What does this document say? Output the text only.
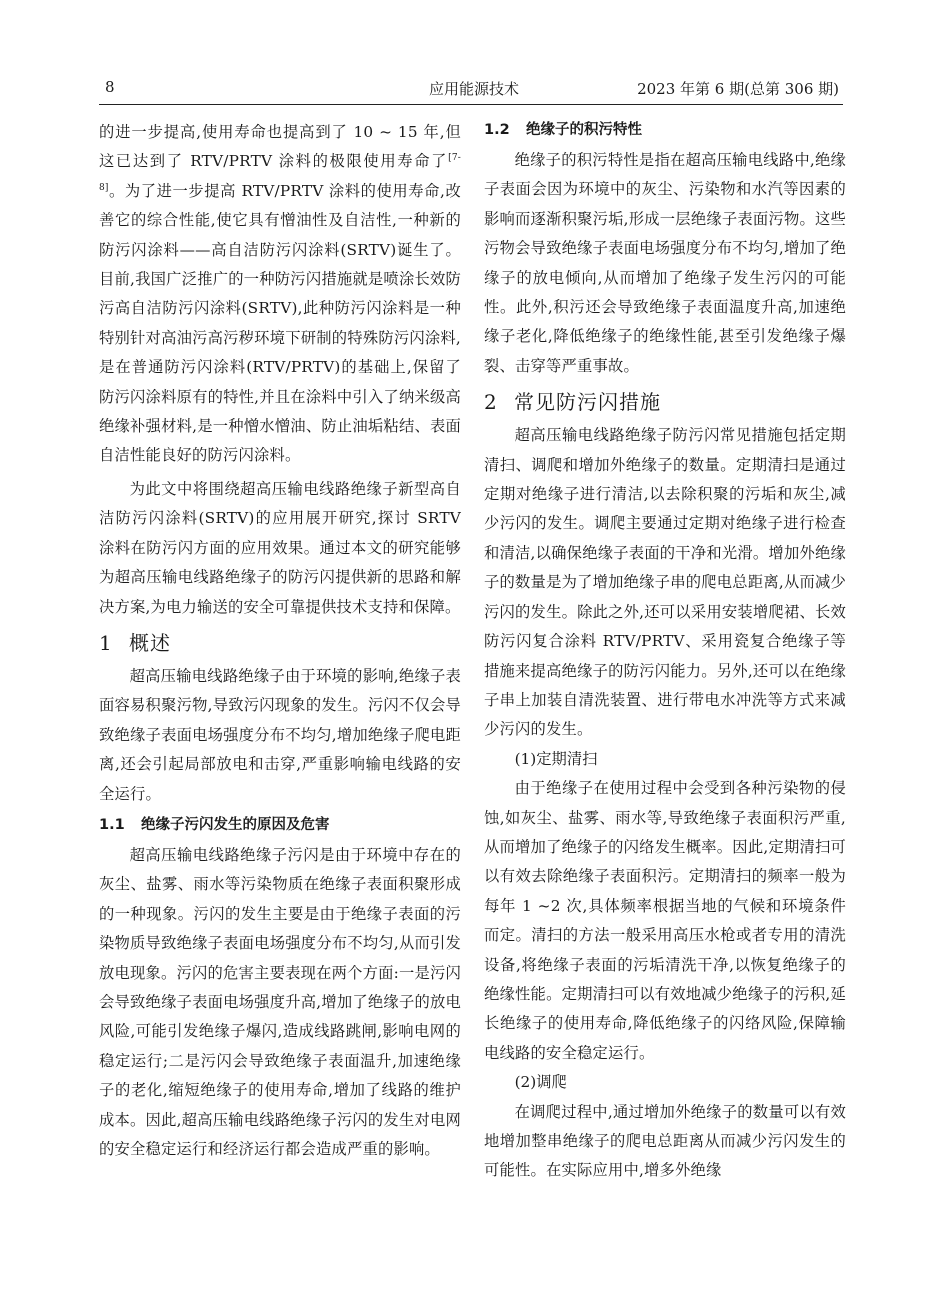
8	应用能源技术	2023 年第 6 期(总第 306 期)

的进一步提高,使用寿命也提高到了 10 ~ 15 年,但这已达到了 RTV/PRTV 涂料的极限使用寿命了[7-8]。为了进一步提高 RTV/PRTV 涂料的使用寿命,改善它的综合性能,使它具有憎油性及自洁性,一种新的防污闪涂料——高自洁防污闪涂料(SRTV)诞生了。目前,我国广泛推广的一种防污闪措施就是喷涂长效防污高自洁防污闪涂料(SRTV),此种防污闪涂料是一种特别针对高油污高污秽环境下研制的特殊防污闪涂料,是在普通防污闪涂料(RTV/PRTV)的基础上,保留了防污闪涂料原有的特性,并且在涂料中引入了纳米级高绝缘补强材料,是一种憎水憎油、防止油垢粘结、表面自洁性能良好的防污闪涂料。

为此文中将围绕超高压输电线路绝缘子新型高自洁防污闪涂料(SRTV)的应用展开研究,探讨 SRTV 涂料在防污闪方面的应用效果。通过本文的研究能够为超高压输电线路绝缘子的防污闪提供新的思路和解决方案,为电力输送的安全可靠提供技术支持和保障。

1 概述

超高压输电线路绝缘子由于环境的影响,绝缘子表面容易积聚污物,导致污闪现象的发生。污闪不仅会导致绝缘子表面电场强度分布不均匀,增加绝缘子爬电距离,还会引起局部放电和击穿,严重影响输电线路的安全运行。

1.1 绝缘子污闪发生的原因及危害

超高压输电线路绝缘子污闪是由于环境中存在的灰尘、盐雾、雨水等污染物质在绝缘子表面积聚形成的一种现象。污闪的发生主要是由于绝缘子表面的污染物质导致绝缘子表面电场强度分布不均匀,从而引发放电现象。污闪的危害主要表现在两个方面:一是污闪会导致绝缘子表面电场强度升高,增加了绝缘子的放电风险,可能引发绝缘子爆闪,造成线路跳闸,影响电网的稳定运行;二是污闪会导致绝缘子表面温升,加速绝缘子的老化,缩短绝缘子的使用寿命,增加了线路的维护成本。因此,超高压输电线路绝缘子污闪的发生对电网的安全稳定运行和经济运行都会造成严重的影响。

1.2 绝缘子的积污特性

绝缘子的积污特性是指在超高压输电线路中,绝缘子表面会因为环境中的灰尘、污染物和水汽等因素的影响而逐渐积聚污垢,形成一层绝缘子表面污物。这些污物会导致绝缘子表面电场强度分布不均匀,增加了绝缘子的放电倾向,从而增加了绝缘子发生污闪的可能性。此外,积污还会导致绝缘子表面温度升高,加速绝缘子老化,降低绝缘子的绝缘性能,甚至引发绝缘子爆裂、击穿等严重事故。

2 常见防污闪措施

超高压输电线路绝缘子防污闪常见措施包括定期清扫、调爬和增加外绝缘子的数量。定期清扫是通过定期对绝缘子进行清洁,以去除积聚的污垢和灰尘,减少污闪的发生。调爬主要通过定期对绝缘子进行检查和清洁,以确保绝缘子表面的干净和光滑。增加外绝缘子的数量是为了增加绝缘子串的爬电总距离,从而减少污闪的发生。除此之外,还可以采用安装增爬裙、长效防污闪复合涂料 RTV/PRTV、采用瓷复合绝缘子等措施来提高绝缘子的防污闪能力。另外,还可以在绝缘子串上加装自清洗装置、进行带电水冲洗等方式来减少污闪的发生。

(1)定期清扫

由于绝缘子在使用过程中会受到各种污染物的侵蚀,如灰尘、盐雾、雨水等,导致绝缘子表面积污严重,从而增加了绝缘子的闪络发生概率。因此,定期清扫可以有效去除绝缘子表面积污。定期清扫的频率一般为每年 1 ~2 次,具体频率根据当地的气候和环境条件而定。清扫的方法一般采用高压水枪或者专用的清洗设备,将绝缘子表面的污垢清洗干净,以恢复绝缘子的绝缘性能。定期清扫可以有效地减少绝缘子的污积,延长绝缘子的使用寿命,降低绝缘子的闪络风险,保障输电线路的安全稳定运行。

(2)调爬

在调爬过程中,通过增加外绝缘子的数量可以有效地增加整串绝缘子的爬电总距离从而减少污闪发生的可能性。在实际应用中,增多外绝缘
